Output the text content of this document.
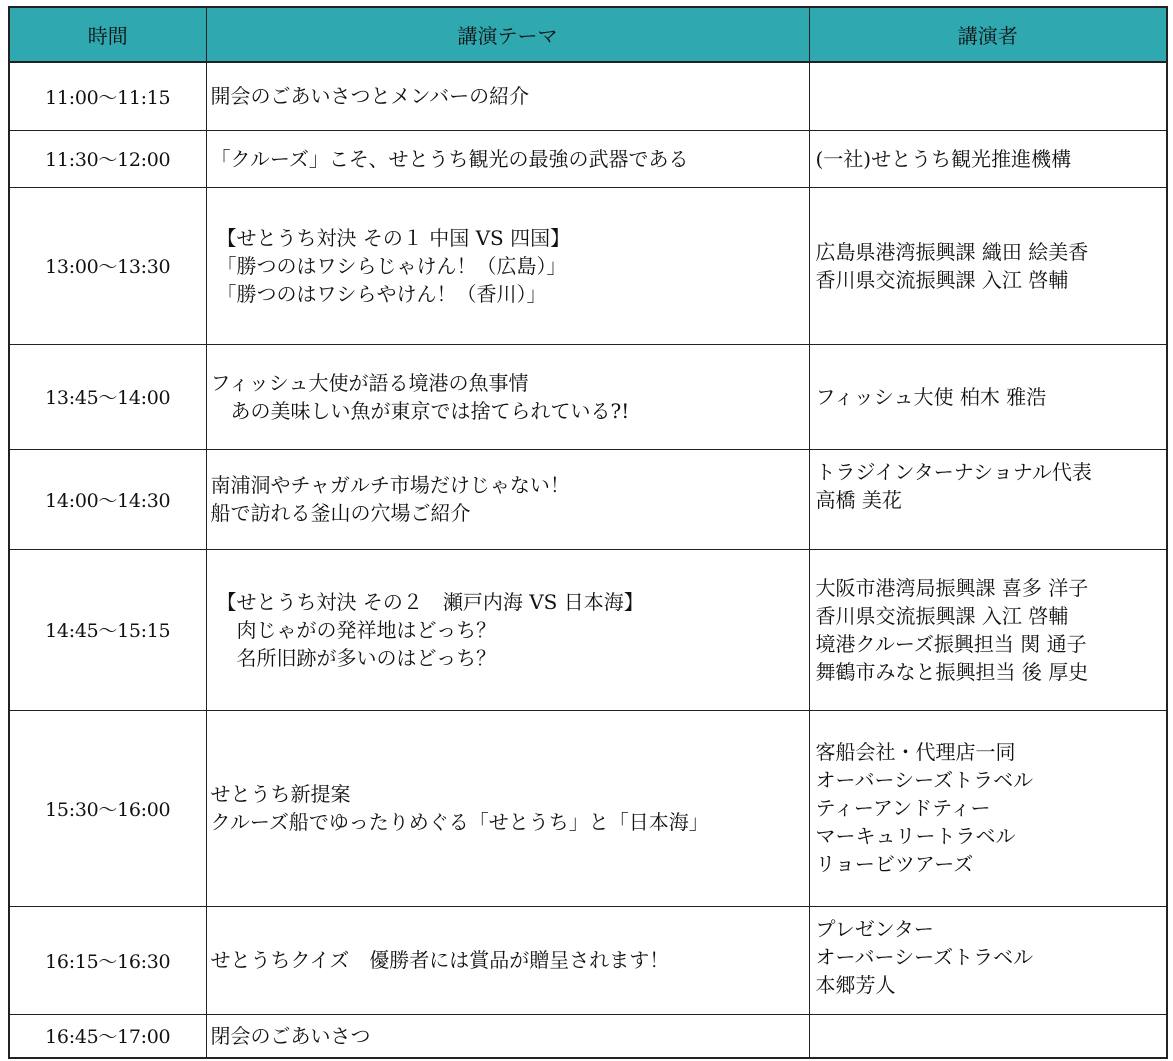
時間	講演テーマ	講演者
11:00〜11:15	開会のごあいさつとメンバーの紹介	

11:30〜12:00	「クルーズ」こそ、せとうち観光の最強の武器である	(一社)せとうち観光推進機構

13:00〜13:30	【せとうち対決 その１ 中国 VS 四国】
「勝つのはワシらじゃけん！（広島）」
「勝つのはワシらやけん！（香川）」	広島県港湾振興課 織田 絵美香
香川県交流振興課 入江 啓輔

13:45〜14:00	フィッシュ大使が語る境港の魚事情
　あの美味しい魚が東京では捨てられている?!	フィッシュ大使 柏木 雅浩

14:00〜14:30	南浦洞やチャガルチ市場だけじゃない！
船で訪れる釜山の穴場ご紹介	トラジインターナショナル代表
高橋 美花

14:45〜15:15	【せとうち対決 その２　瀬戸内海 VS 日本海】
　肉じゃがの発祥地はどっち？
　名所旧跡が多いのはどっち？	大阪市港湾局振興課 喜多 洋子
香川県交流振興課 入江 啓輔
境港クルーズ振興担当 関 通子
舞鶴市みなと振興担当 後 厚史

15:30〜16:00	せとうち新提案
クルーズ船でゆったりめぐる「せとうち」と「日本海」	客船会社・代理店一同
オーバーシーズトラベル
ティーアンドティー
マーキュリートラベル
リョービツアーズ

16:15〜16:30	せとうちクイズ　優勝者には賞品が贈呈されます！	プレゼンター
オーバーシーズトラベル
本郷芳人

16:45〜17:00	閉会のごあいさつ	
